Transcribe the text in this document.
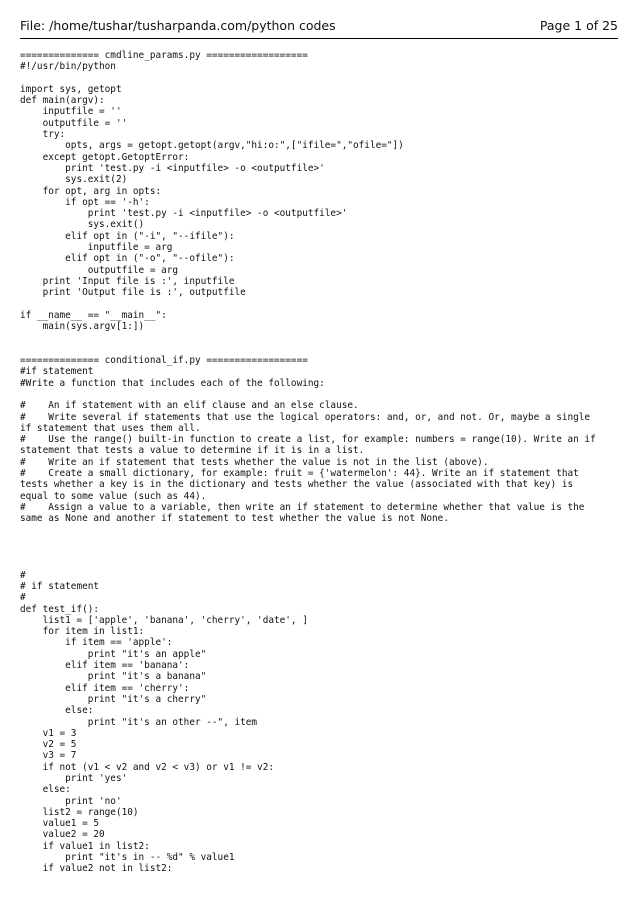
File: /home/tushar/tusharpanda.com/python codes	Page 1 of 25
============== cmdline_params.py ==================
#!/usr/bin/python
import sys, getopt
def main(argv):
inputfile = ''
outputfile = ''
try:
opts, args = getopt.getopt(argv,"hi:o:",["ifile=","ofile="])
except getopt.GetoptError:
print 'test.py -i <inputfile> -o <outputfile>'
sys.exit(2)
for opt, arg in opts:
if opt == '-h':
print 'test.py -i <inputfile> -o <outputfile>'
sys.exit()
elif opt in ("-i", "--ifile"):
inputfile = arg
elif opt in ("-o", "--ofile"):
outputfile = arg
print 'Input file is :', inputfile
print 'Output file is :', outputfile
if __name__ == "__main__":
main(sys.argv[1:])
============== conditional_if.py ==================
#if statement
#Write a function that includes each of the following:
#    An if statement with an elif clause and an else clause.
#    Write several if statements that use the logical operators: and, or, and not. Or, maybe a single
if statement that uses them all.
#    Use the range() built-in function to create a list, for example: numbers = range(10). Write an if
statement that tests a value to determine if it is in a list.
#    Write an if statement that tests whether the value is not in the list (above).
#    Create a small dictionary, for example: fruit = {'watermelon': 44}. Write an if statement that
tests whether a key is in the dictionary and tests whether the value (associated with that key) is
equal to some value (such as 44).
#    Assign a value to a variable, then write an if statement to determine whether that value is the
same as None and another if statement to test whether the value is not None.
#
# if statement
#
def test_if():
list1 = ['apple', 'banana', 'cherry', 'date', ]
for item in list1:
if item == 'apple':
print "it's an apple"
elif item == 'banana':
print "it's a banana"
elif item == 'cherry':
print "it's a cherry"
else:
print "it's an other --", item
v1 = 3
v2 = 5
v3 = 7
if not (v1 < v2 and v2 < v3) or v1 != v2:
print 'yes'
else:
print 'no'
list2 = range(10)
value1 = 5
value2 = 20
if value1 in list2:
print "it's in -- %d" % value1
if value2 not in list2:
